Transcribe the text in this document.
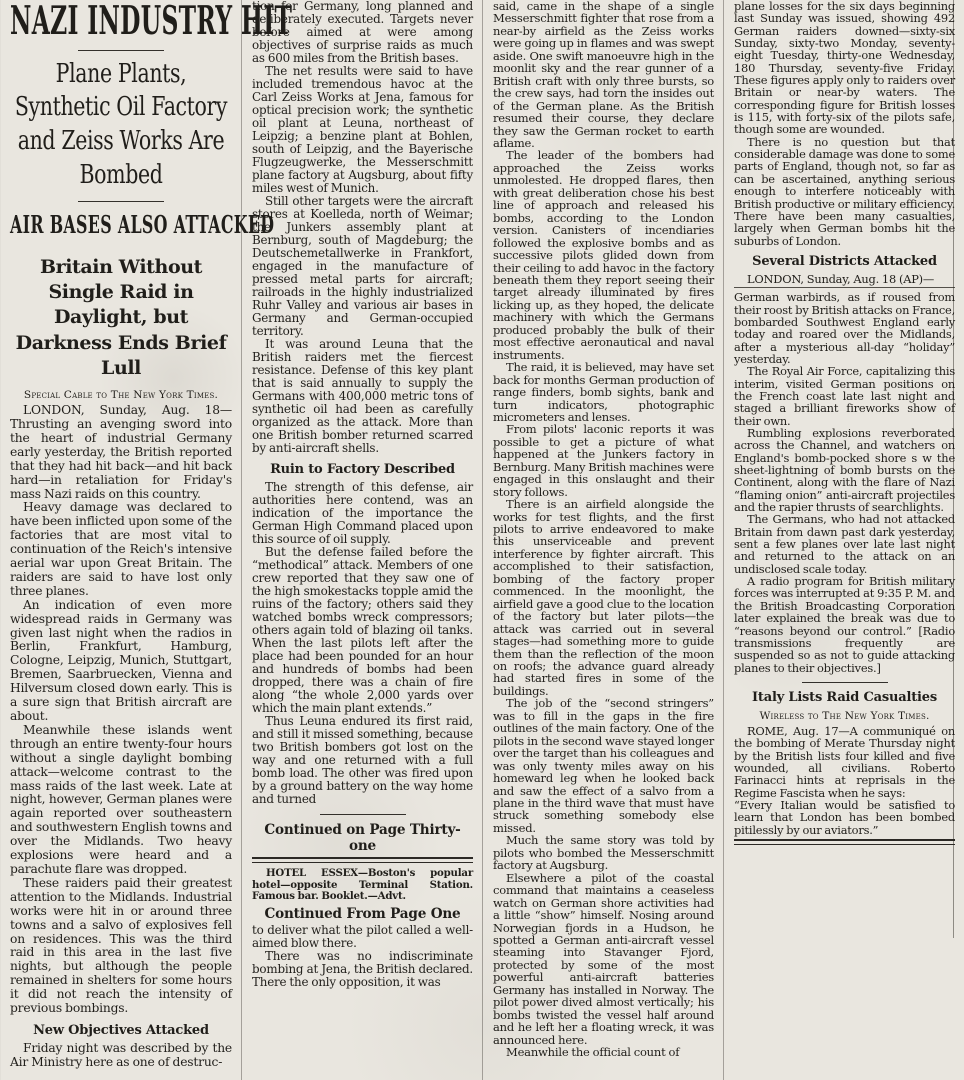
NAZI INDUSTRY HIT
Plane Plants, Synthetic Oil Factory and Zeiss Works Are Bombed
AIR BASES ALSO ATTACKED
Britain Without Single Raid in Daylight, but Darkness Ends Brief Lull
Special Cable to The New York Times.
LONDON, Sunday, Aug. 18—Thrusting an avenging sword into the heart of industrial Germany early yesterday, the British reported that they had hit back—and hit back hard—in retaliation for Friday's mass Nazi raids on this country.
Heavy damage was declared to have been inflicted upon some of the factories that are most vital to continuation of the Reich's intensive aerial war upon Great Britain. The raiders are said to have lost only three planes.
An indication of even more widespread raids in Germany was given last night when the radios in Berlin, Frankfurt, Hamburg, Cologne, Leipzig, Munich, Stuttgart, Bremen, Saarbruecken, Vienna and Hilversum closed down early. This is a sure sign that British aircraft are about.
Meanwhile these islands went through an entire twenty-four hours without a single daylight bombing attack—welcome contrast to the mass raids of the last week. Late at night, however, German planes were again reported over southeastern and southwestern English towns and over the Midlands. Two heavy explosions were heard and a parachute flare was dropped.
These raiders paid their greatest attention to the Midlands. Industrial works were hit in or around three towns and a salvo of explosives fell on residences. This was the third raid in this area in the last five nights, but although the people remained in shelters for some hours it did not reach the intensity of previous bombings.
New Objectives Attacked
Friday night was described by the Air Ministry here as one of destruc-
tion for Germany, long planned and deliberately executed. Targets never before aimed at were among objectives of surprise raids as much as 600 miles from the British bases.
The net results were said to have included tremendous havoc at the Carl Zeiss Works at Jena, famous for optical precision work; the synthetic oil plant at Leuna, northeast of Leipzig; a benzine plant at Bohlen, south of Leipzig, and the Bayerische Flugzeugwerke, the Messerschmitt plane factory at Augsburg, about fifty miles west of Munich.
Still other targets were the aircraft stores at Koelleda, north of Weimar; the Junkers assembly plant at Bernburg, south of Magdeburg; the Deutschemetallwerke in Frankfort, engaged in the manufacture of pressed metal parts for aircraft; railroads in the highly industrialized Ruhr Valley and various air bases in Germany and German-occupied territory.
It was around Leuna that the British raiders met the fiercest resistance. Defense of this key plant that is said annually to supply the Germans with 400,000 metric tons of synthetic oil had been as carefully organized as the attack. More than one British bomber returned scarred by anti-aircraft shells.
Ruin to Factory Described
The strength of this defense, air authorities here contend, was an indication of the importance the German High Command placed upon this source of oil supply.
But the defense failed before the “methodical” attack. Members of one crew reported that they saw one of the high smokestacks topple amid the ruins of the factory; others said they watched bombs wreck compressors; others again told of blazing oil tanks. When the last pilots left after the place had been pounded for an hour and hundreds of bombs had been dropped, there was a chain of fire along “the whole 2,000 yards over which the main plant extends.”
Thus Leuna endured its first raid, and still it missed something, because two British bombers got lost on the way and one returned with a full bomb load. The other was fired upon by a ground battery on the way home and turned
Continued on Page Thirty-one
HOTEL ESSEX—Boston's popular hotel—opposite Terminal Station. Famous bar. Booklet.—Advt.
Continued From Page One
to deliver what the pilot called a well-aimed blow there.
There was no indiscriminate bombing at Jena, the British declared. There the only opposition, it was
said, came in the shape of a single Messerschmitt fighter that rose from a near-by airfield as the Zeiss works were going up in flames and was swept aside. One swift manoeuvre high in the moonlit sky and the rear gunner of a British craft with only three bursts, so the crew says, had torn the insides out of the German plane. As the British resumed their course, they declare they saw the German rocket to earth aflame.
The leader of the bombers had approached the Zeiss works unmolested. He dropped flares, then with great deliberation chose his best line of approach and released his bombs, according to the London version. Canisters of incendiaries followed the explosive bombs and as successive pilots glided down from their ceiling to add havoc in the factory beneath them they report seeing their target already illuminated by fires licking up, as they hoped, the delicate machinery with which the Germans produced probably the bulk of their most effective aeronautical and naval instruments.
The raid, it is believed, may have set back for months German production of range finders, bomb sights, bank and turn indicators, photographic micrometers and lenses.
From pilots' laconic reports it was possible to get a picture of what happened at the Junkers factory in Bernburg. Many British machines were engaged in this onslaught and their story follows.
There is an airfield alongside the works for test flights, and the first pilots to arrive endeavored to make this unserviceable and prevent interference by fighter aircraft. This accomplished to their satisfaction, bombing of the factory proper commenced. In the moonlight, the airfield gave a good clue to the location of the factory but later pilots—the attack was carried out in several stages—had something more to guide them than the reflection of the moon on roofs; the advance guard already had started fires in some of the buildings.
The job of the “second stringers” was to fill in the gaps in the fire outlines of the main factory. One of the pilots in the second wave stayed longer over the target than his colleagues and was only twenty miles away on his homeward leg when he looked back and saw the effect of a salvo from a plane in the third wave that must have struck something somebody else missed.
Much the same story was told by pilots who bombed the Messerschmitt factory at Augsburg.
Elsewhere a pilot of the coastal command that maintains a ceaseless watch on German shore activities had a little “show” himself. Nosing around Norwegian fjords in a Hudson, he spotted a German anti-aircraft vessel steaming into Stavanger Fjord, protected by some of the most powerful anti-aircraft batteries Germany has installed in Norway. The pilot power dived almost vertically; his bombs twisted the vessel half around and he left her a floating wreck, it was announced here.
Meanwhile the official count of
plane losses for the six days beginning last Sunday was issued, showing 492 German raiders downed—sixty-six Sunday, sixty-two Monday, seventy-eight Tuesday, thirty-one Wednesday, 180 Thursday, seventy-five Friday. These figures apply only to raiders over Britain or near-by waters. The corresponding figure for British losses is 115, with forty-six of the pilots safe, though some are wounded.
There is no question but that considerable damage was done to some parts of England, though not, so far as can be ascertained, anything serious enough to interfere noticeably with British productive or military efficiency. There have been many casualties, largely when German bombs hit the suburbs of London.
Several Districts Attacked
LONDON, Sunday, Aug. 18 (AP)—
German warbirds, as if roused from their roost by British attacks on France, bombarded Southwest England early today and roared over the Midlands, after a mysterious all-day “holiday” yesterday.
The Royal Air Force, capitalizing this interim, visited German positions on the French coast late last night and staged a brilliant fireworks show of their own.
Rumbling explosions reverborated across the Channel, and watchers on England's bomb-pocked shore s w the sheet-lightning of bomb bursts on the Continent, along with the flare of Nazi “flaming onion” anti-aircraft projectiles and the rapier thrusts of searchlights.
The Germans, who had not attacked Britain from dawn past dark yesterday, sent a few planes over late last night and returned to the attack on an undisclosed scale today.
A radio program for British military forces was interrupted at 9:35 P. M. and the British Broadcasting Corporation later explained the break was due to “reasons beyond our control.” [Radio transmissions frequently are suspended so as not to guide attacking planes to their objectives.]
Italy Lists Raid Casualties
Wireless to The New York Times.
ROME, Aug. 17—A communiqué on the bombing of Merate Thursday night by the British lists four killed and five wounded, all civilians. Roberto Farinacci hints at reprisals in the Regime Fascista when he says:
“Every Italian would be satisfied to learn that London has been bombed pitilessly by our aviators.”
